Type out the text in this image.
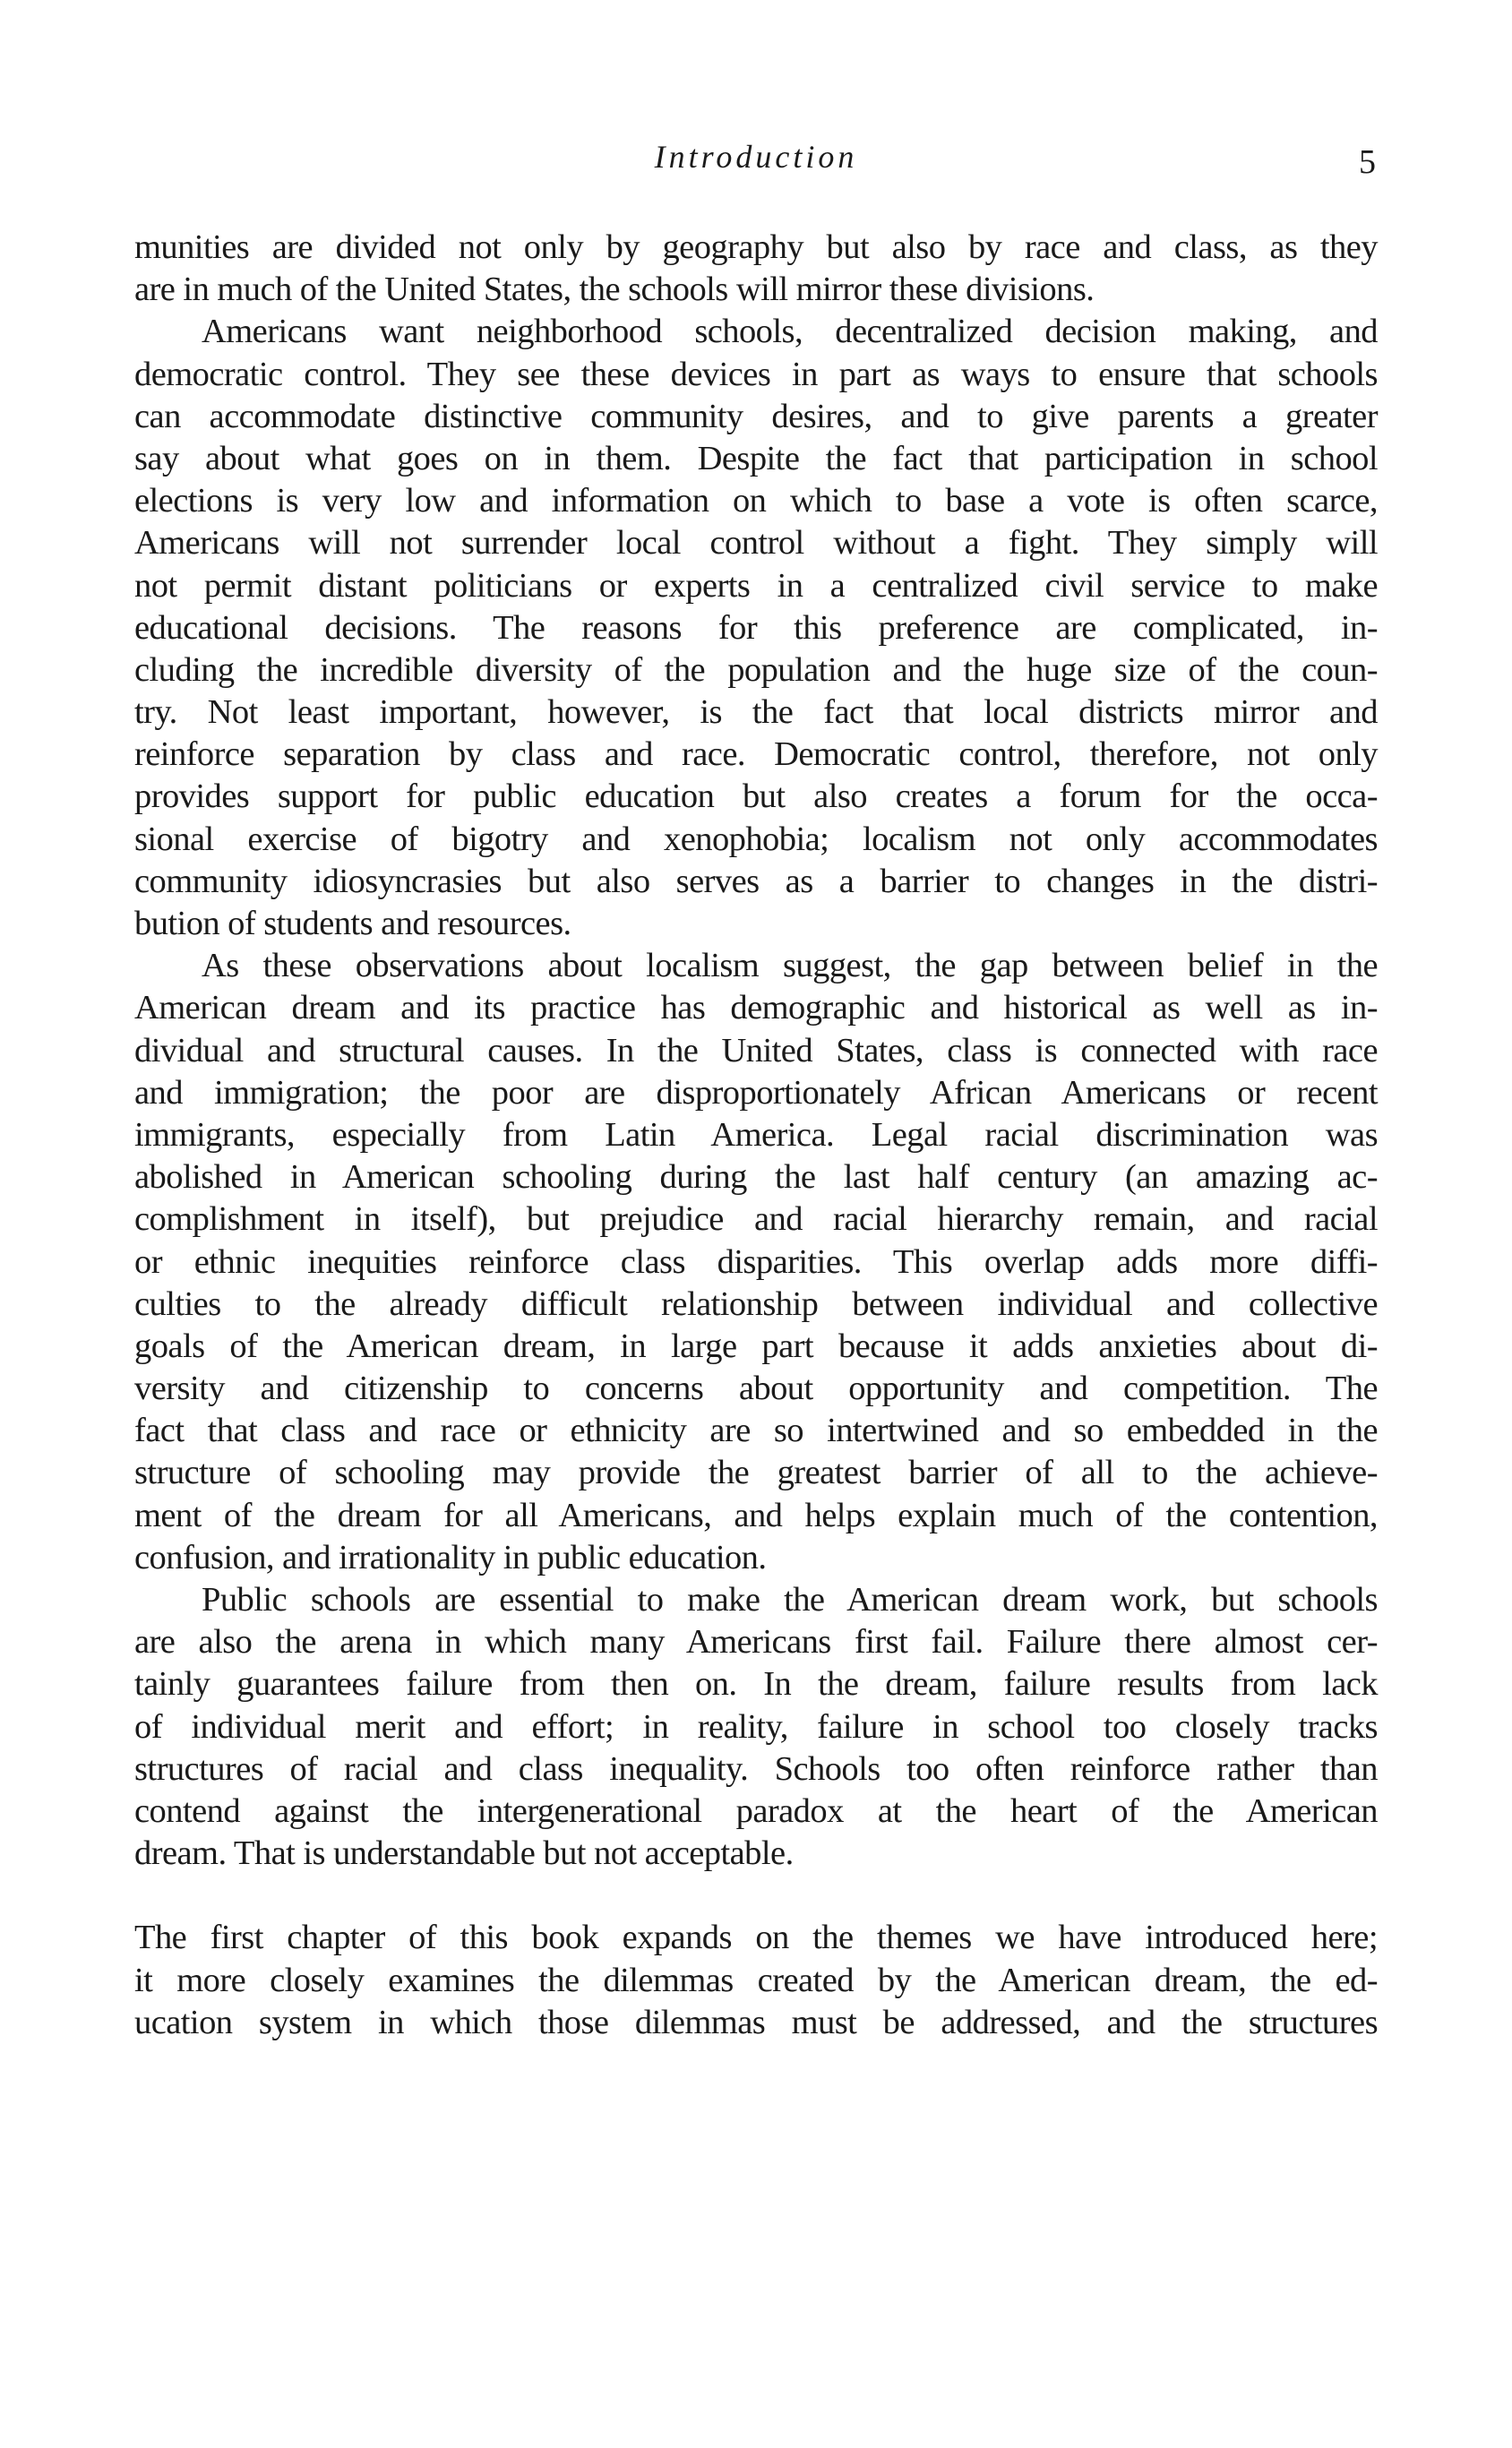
Introduction	5

munities are divided not only by geography but also by race and class, as they
are in much of the United States, the schools will mirror these divisions.

Americans want neighborhood schools, decentralized decision making, and
democratic control. They see these devices in part as ways to ensure that schools
can accommodate distinctive community desires, and to give parents a greater
say about what goes on in them. Despite the fact that participation in school
elections is very low and information on which to base a vote is often scarce,
Americans will not surrender local control without a fight. They simply will
not permit distant politicians or experts in a centralized civil service to make
educational decisions. The reasons for this preference are complicated, in-
cluding the incredible diversity of the population and the huge size of the coun-
try. Not least important, however, is the fact that local districts mirror and
reinforce separation by class and race. Democratic control, therefore, not only
provides support for public education but also creates a forum for the occa-
sional exercise of bigotry and xenophobia; localism not only accommodates
community idiosyncrasies but also serves as a barrier to changes in the distri-
bution of students and resources.

As these observations about localism suggest, the gap between belief in the
American dream and its practice has demographic and historical as well as in-
dividual and structural causes. In the United States, class is connected with race
and immigration; the poor are disproportionately African Americans or recent
immigrants, especially from Latin America. Legal racial discrimination was
abolished in American schooling during the last half century (an amazing ac-
complishment in itself), but prejudice and racial hierarchy remain, and racial
or ethnic inequities reinforce class disparities. This overlap adds more diffi-
culties to the already difficult relationship between individual and collective
goals of the American dream, in large part because it adds anxieties about di-
versity and citizenship to concerns about opportunity and competition. The
fact that class and race or ethnicity are so intertwined and so embedded in the
structure of schooling may provide the greatest barrier of all to the achieve-
ment of the dream for all Americans, and helps explain much of the contention,
confusion, and irrationality in public education.

Public schools are essential to make the American dream work, but schools
are also the arena in which many Americans first fail. Failure there almost cer-
tainly guarantees failure from then on. In the dream, failure results from lack
of individual merit and effort; in reality, failure in school too closely tracks
structures of racial and class inequality. Schools too often reinforce rather than
contend against the intergenerational paradox at the heart of the American
dream. That is understandable but not acceptable.

The first chapter of this book expands on the themes we have introduced here;
it more closely examines the dilemmas created by the American dream, the ed-
ucation system in which those dilemmas must be addressed, and the structures
